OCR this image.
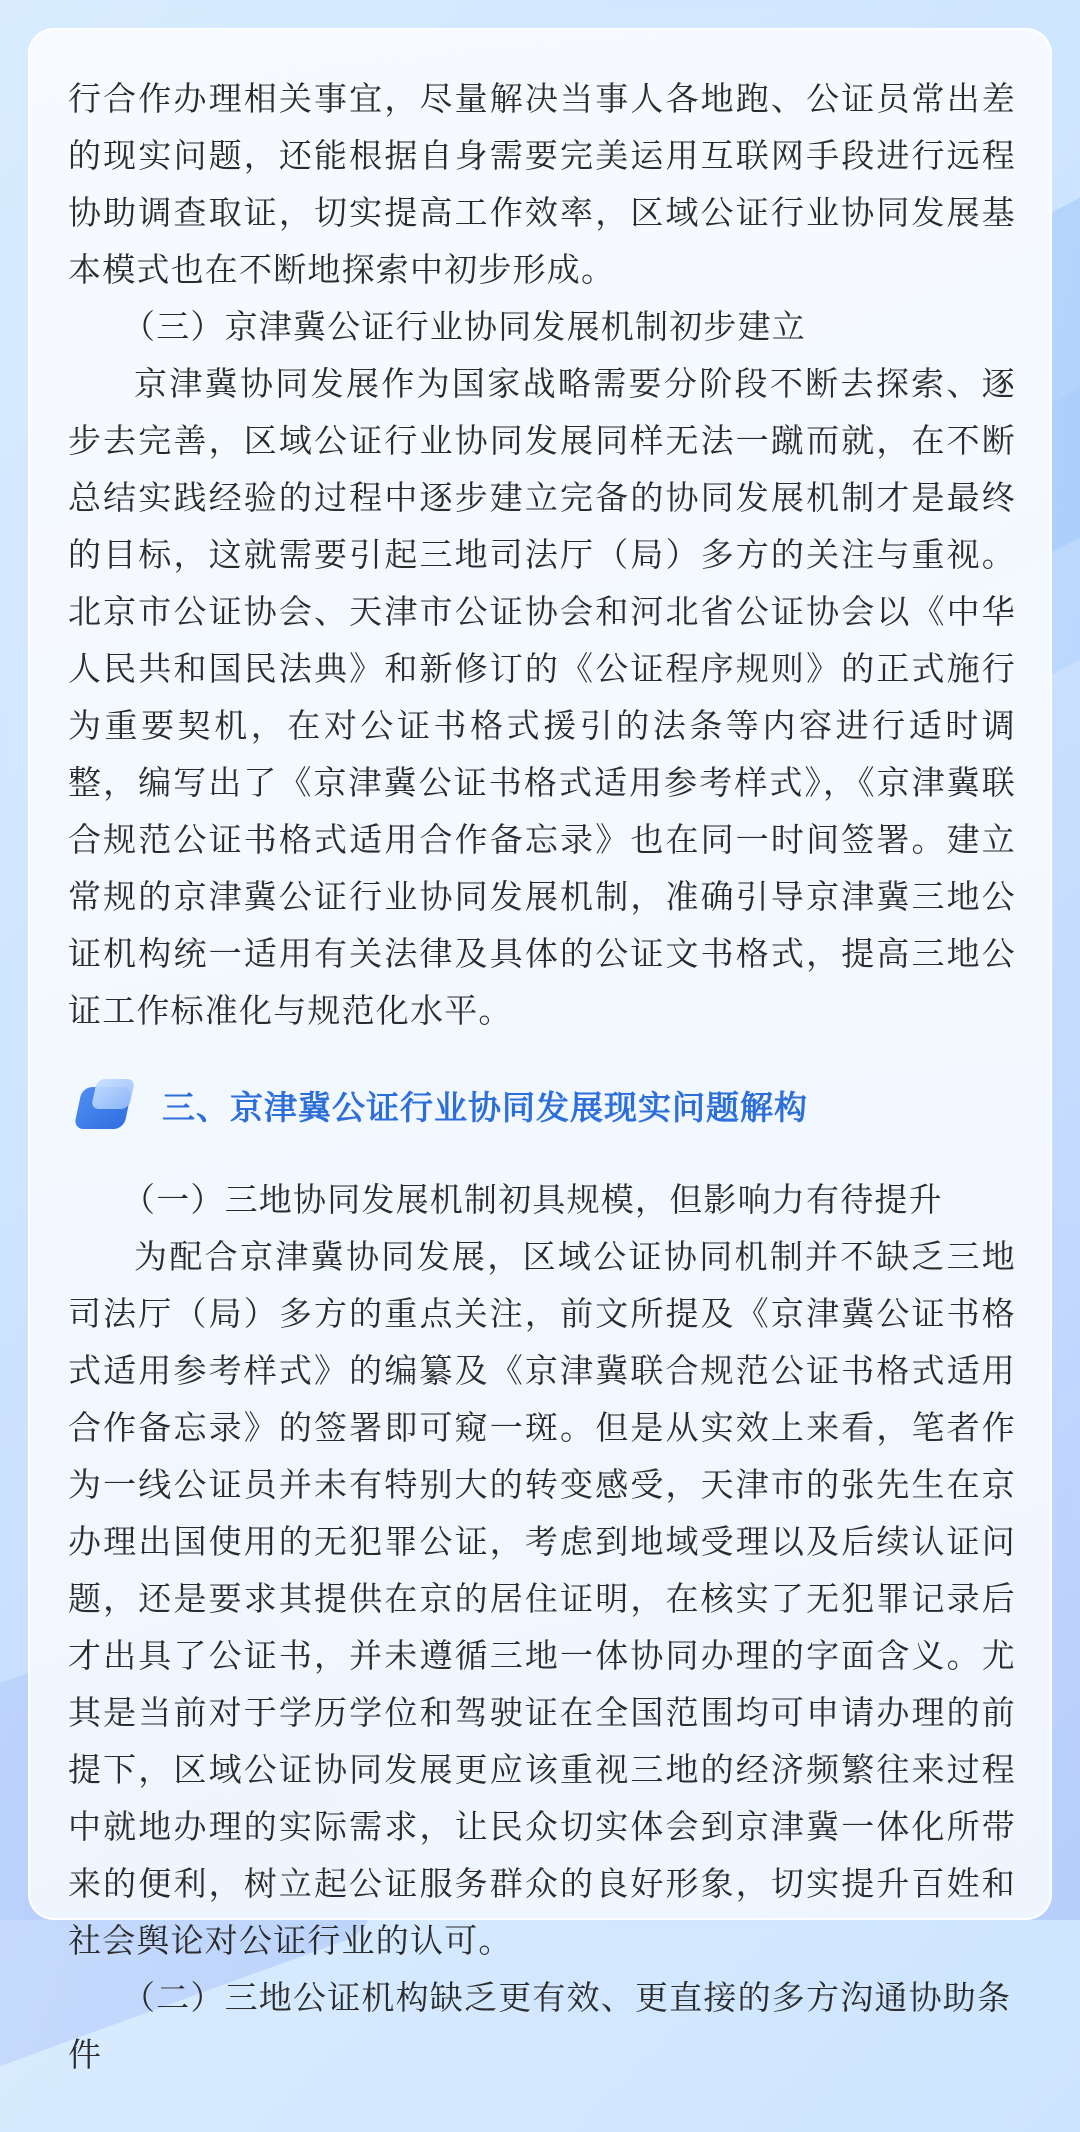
行合作办理相关事宜，尽量解决当事人各地跑、公证员常出差的现实问题，还能根据自身需要完美运用互联网手段进行远程协助调查取证，切实提高工作效率，区域公证行业协同发展基本模式也在不断地探索中初步形成。

（三）京津冀公证行业协同发展机制初步建立

京津冀协同发展作为国家战略需要分阶段不断去探索、逐步去完善，区域公证行业协同发展同样无法一蹴而就，在不断总结实践经验的过程中逐步建立完备的协同发展机制才是最终的目标，这就需要引起三地司法厅（局）多方的关注与重视。北京市公证协会、天津市公证协会和河北省公证协会以《中华人民共和国民法典》和新修订的《公证程序规则》的正式施行为重要契机，在对公证书格式援引的法条等内容进行适时调整，编写出了《京津冀公证书格式适用参考样式》，《京津冀联合规范公证书格式适用合作备忘录》也在同一时间签署。建立常规的京津冀公证行业协同发展机制，准确引导京津冀三地公证机构统一适用有关法律及具体的公证文书格式，提高三地公证工作标准化与规范化水平。

三、京津冀公证行业协同发展现实问题解构

（一）三地协同发展机制初具规模，但影响力有待提升

为配合京津冀协同发展，区域公证协同机制并不缺乏三地司法厅（局）多方的重点关注，前文所提及《京津冀公证书格式适用参考样式》的编纂及《京津冀联合规范公证书格式适用合作备忘录》的签署即可窥一斑。但是从实效上来看，笔者作为一线公证员并未有特别大的转变感受，天津市的张先生在京办理出国使用的无犯罪公证，考虑到地域受理以及后续认证问题，还是要求其提供在京的居住证明，在核实了无犯罪记录后才出具了公证书，并未遵循三地一体协同办理的字面含义。尤其是当前对于学历学位和驾驶证在全国范围均可申请办理的前提下，区域公证协同发展更应该重视三地的经济频繁往来过程中就地办理的实际需求，让民众切实体会到京津冀一体化所带来的便利，树立起公证服务群众的良好形象，切实提升百姓和社会舆论对公证行业的认可。

（二）三地公证机构缺乏更有效、更直接的多方沟通协助条件
